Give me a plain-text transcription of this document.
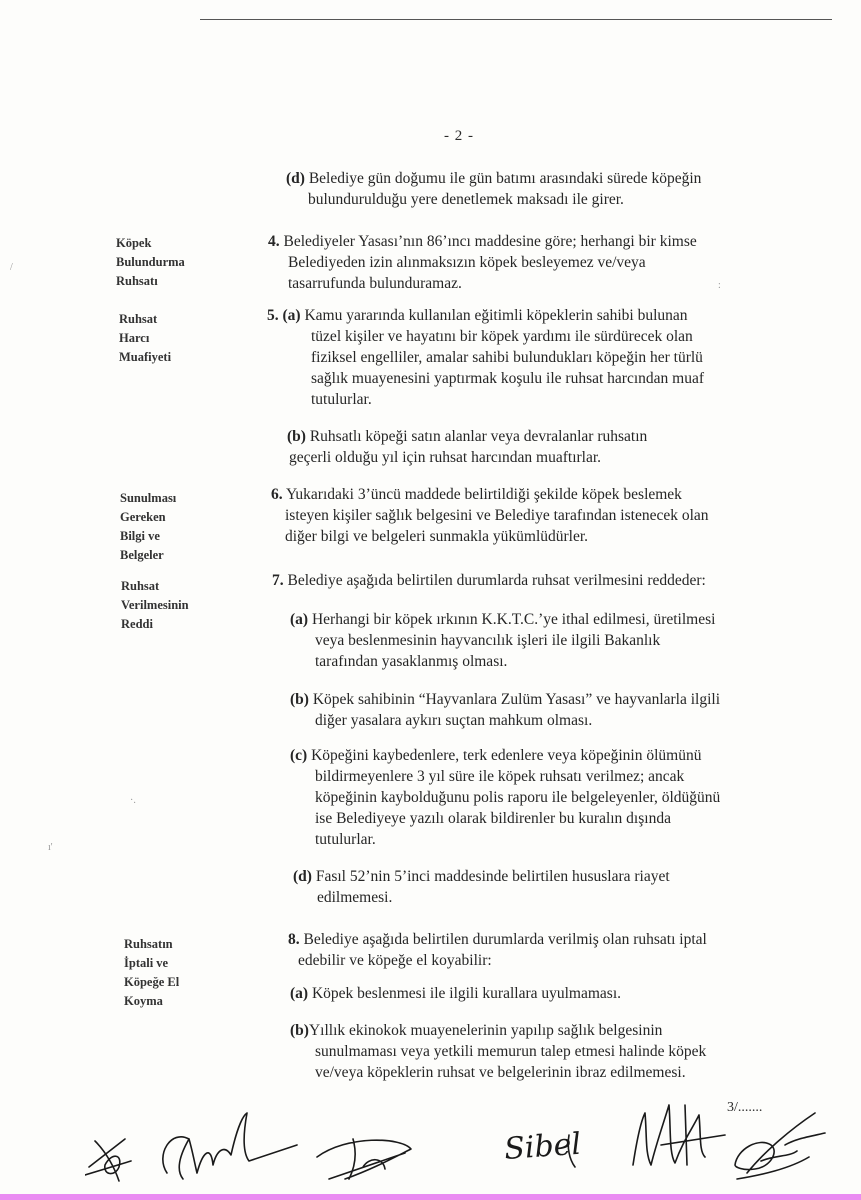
- 2 -
Köpek
Bulundurma
Ruhsatı
Ruhsat
Harcı
Muafiyeti
Sunulması
Gereken
Bilgi ve
Belgeler
Ruhsat
Verilmesinin
Reddi
Ruhsatın
İptali ve
Köpeğe El
Koyma
(d) Belediye gün doğumu ile gün batımı arasındaki sürede köpeğin
bulundurulduğu yere denetlemek maksadı ile girer.
4. Belediyeler Yasası’nın 86’ıncı maddesine göre; herhangi bir kimse
Belediyeden izin alınmaksızın köpek besleyemez ve/veya
tasarrufunda bulunduramaz.
5. (a) Kamu yararında kullanılan eğitimli köpeklerin sahibi bulunan
tüzel kişiler ve hayatını bir köpek yardımı ile sürdürecek olan
fiziksel engelliler, amalar sahibi bulundukları köpeğin her türlü
sağlık muayenesini yaptırmak koşulu ile ruhsat harcından muaf
tutulurlar.
(b) Ruhsatlı köpeği satın alanlar veya devralanlar ruhsatın
geçerli olduğu yıl için ruhsat harcından muaftırlar.
6. Yukarıdaki 3’üncü maddede belirtildiği şekilde köpek beslemek
isteyen kişiler sağlık belgesini ve Belediye tarafından istenecek olan
diğer bilgi ve belgeleri sunmakla yükümlüdürler.
7. Belediye aşağıda belirtilen durumlarda ruhsat verilmesini reddeder:
(a) Herhangi bir köpek ırkının K.K.T.C.’ye ithal edilmesi, üretilmesi
veya beslenmesinin hayvancılık işleri ile ilgili Bakanlık
tarafından yasaklanmış olması.
(b) Köpek sahibinin “Hayvanlara Zulüm Yasası” ve hayvanlarla ilgili
diğer yasalara aykırı suçtan mahkum olması.
(c) Köpeğini kaybedenlere, terk edenlere veya köpeğinin ölümünü
bildirmeyenlere 3 yıl süre ile köpek ruhsatı verilmez; ancak
köpeğinin kaybolduğunu polis raporu ile belgeleyenler, öldüğünü
ise Belediyeye yazılı olarak bildirenler bu kuralın dışında
tutulurlar.
(d) Fasıl 52’nin 5’inci maddesinde belirtilen hususlara riayet
edilmemesi.
8. Belediye aşağıda belirtilen durumlarda verilmiş olan ruhsatı iptal
edebilir ve köpeğe el koyabilir:
(a) Köpek beslenmesi ile ilgili kurallara uyulmaması.
(b)Yıllık ekinokok muayenelerinin yapılıp sağlık belgesinin
sunulmaması veya yetkili memurun talep etmesi halinde köpek
ve/veya köpeklerin ruhsat ve belgelerinin ibraz edilmemesi.
/
ı'
·.
:
3/.......
Sibel
